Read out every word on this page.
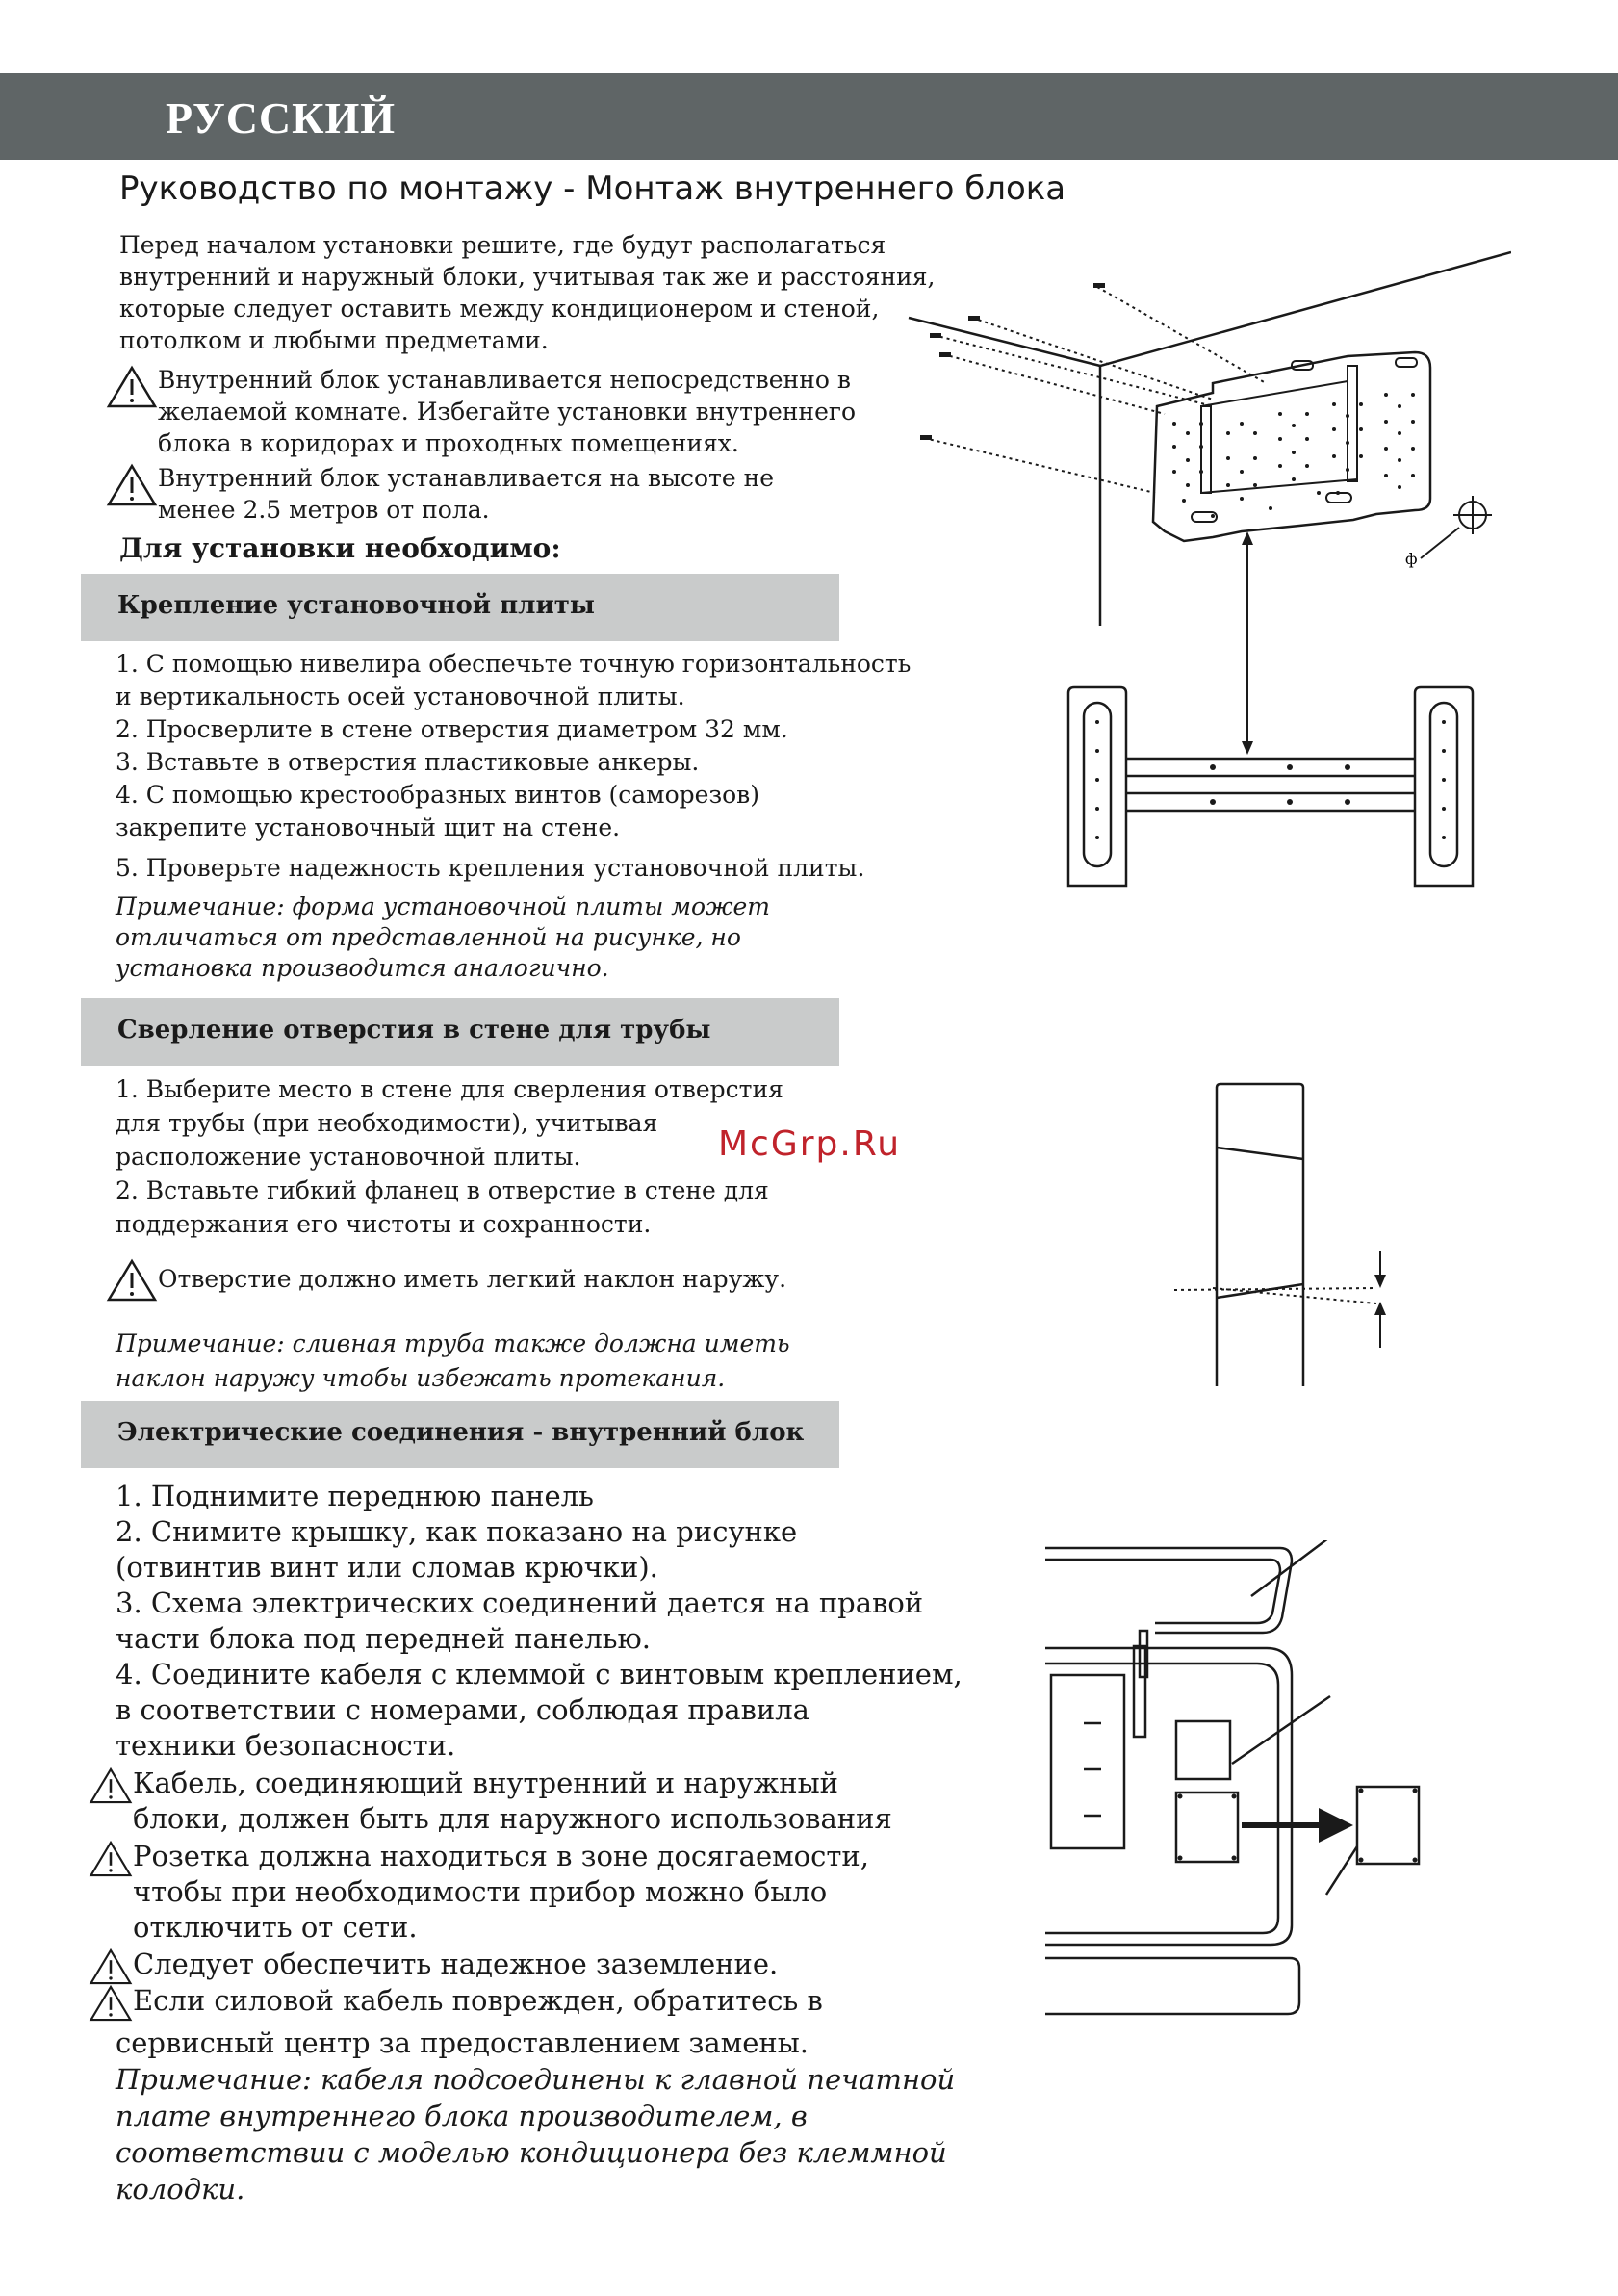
РУССКИЙ
Руководство по монтажу - Монтаж внутреннего блока
Перед началом установки решите, где будут располагаться
внутренний и наружный блоки, учитывая так же и расстояния,
которые следует оставить между кондиционером и стеной,
потолком и любыми предметами.
Внутренний блок устанавливается непосредственно в
желаемой комнате. Избегайте установки внутреннего
блока в коридорах и проходных помещениях.
Внутренний блок устанавливается на высоте не
менее 2.5 метров от пола.
Для установки необходимо:
Крепление установочной плиты
1. С помощью нивелира обеспечьте точную горизонтальность
и вертикальность осей установочной плиты.
2. Просверлите в стене отверстия диаметром 32 мм.
3. Вставьте в отверстия пластиковые анкеры.
4. С помощью крестообразных винтов (саморезов)
закрепите установочный щит на стене.
5. Проверьте надежность крепления установочной плиты.
Примечание: форма установочной плиты может
отличаться от представленной на рисунке, но
установка производится аналогично.
Сверление отверстия в стене для трубы
1. Выберите место в стене для сверления отверстия
для трубы (при необходимости), учитывая
расположение установочной плиты.
2. Вставьте гибкий фланец в отверстие в стене для
поддержания его чистоты и сохранности.
Отверстие должно иметь легкий наклон наружу.
Примечание: сливная труба также должна иметь
наклон наружу чтобы избежать протекания.
Электрические соединения - внутренний блок
1. Поднимите переднюю панель
2. Снимите крышку, как показано на рисунке
(отвинтив винт или сломав крючки).
3. Схема электрических соединений дается на правой
части блока под передней панелью.
4. Соедините кабеля с клеммой с винтовым креплением,
в соответствии с номерами, соблюдая правила
техники безопасности.
Кабель, соединяющий внутренний и наружный
блоки, должен быть для наружного использования
Розетка должна находиться в зоне досягаемости,
чтобы при необходимости прибор можно было
отключить от сети.
Следует обеспечить надежное заземление.
Если силовой кабель поврежден, обратитесь в
сервисный центр за предоставлением замены.
Примечание: кабеля подсоединены к главной печатной
плате внутреннего блока производителем, в
соответствии с моделью кондиционера без клеммной
колодки.
ф
McGrp.Ru
